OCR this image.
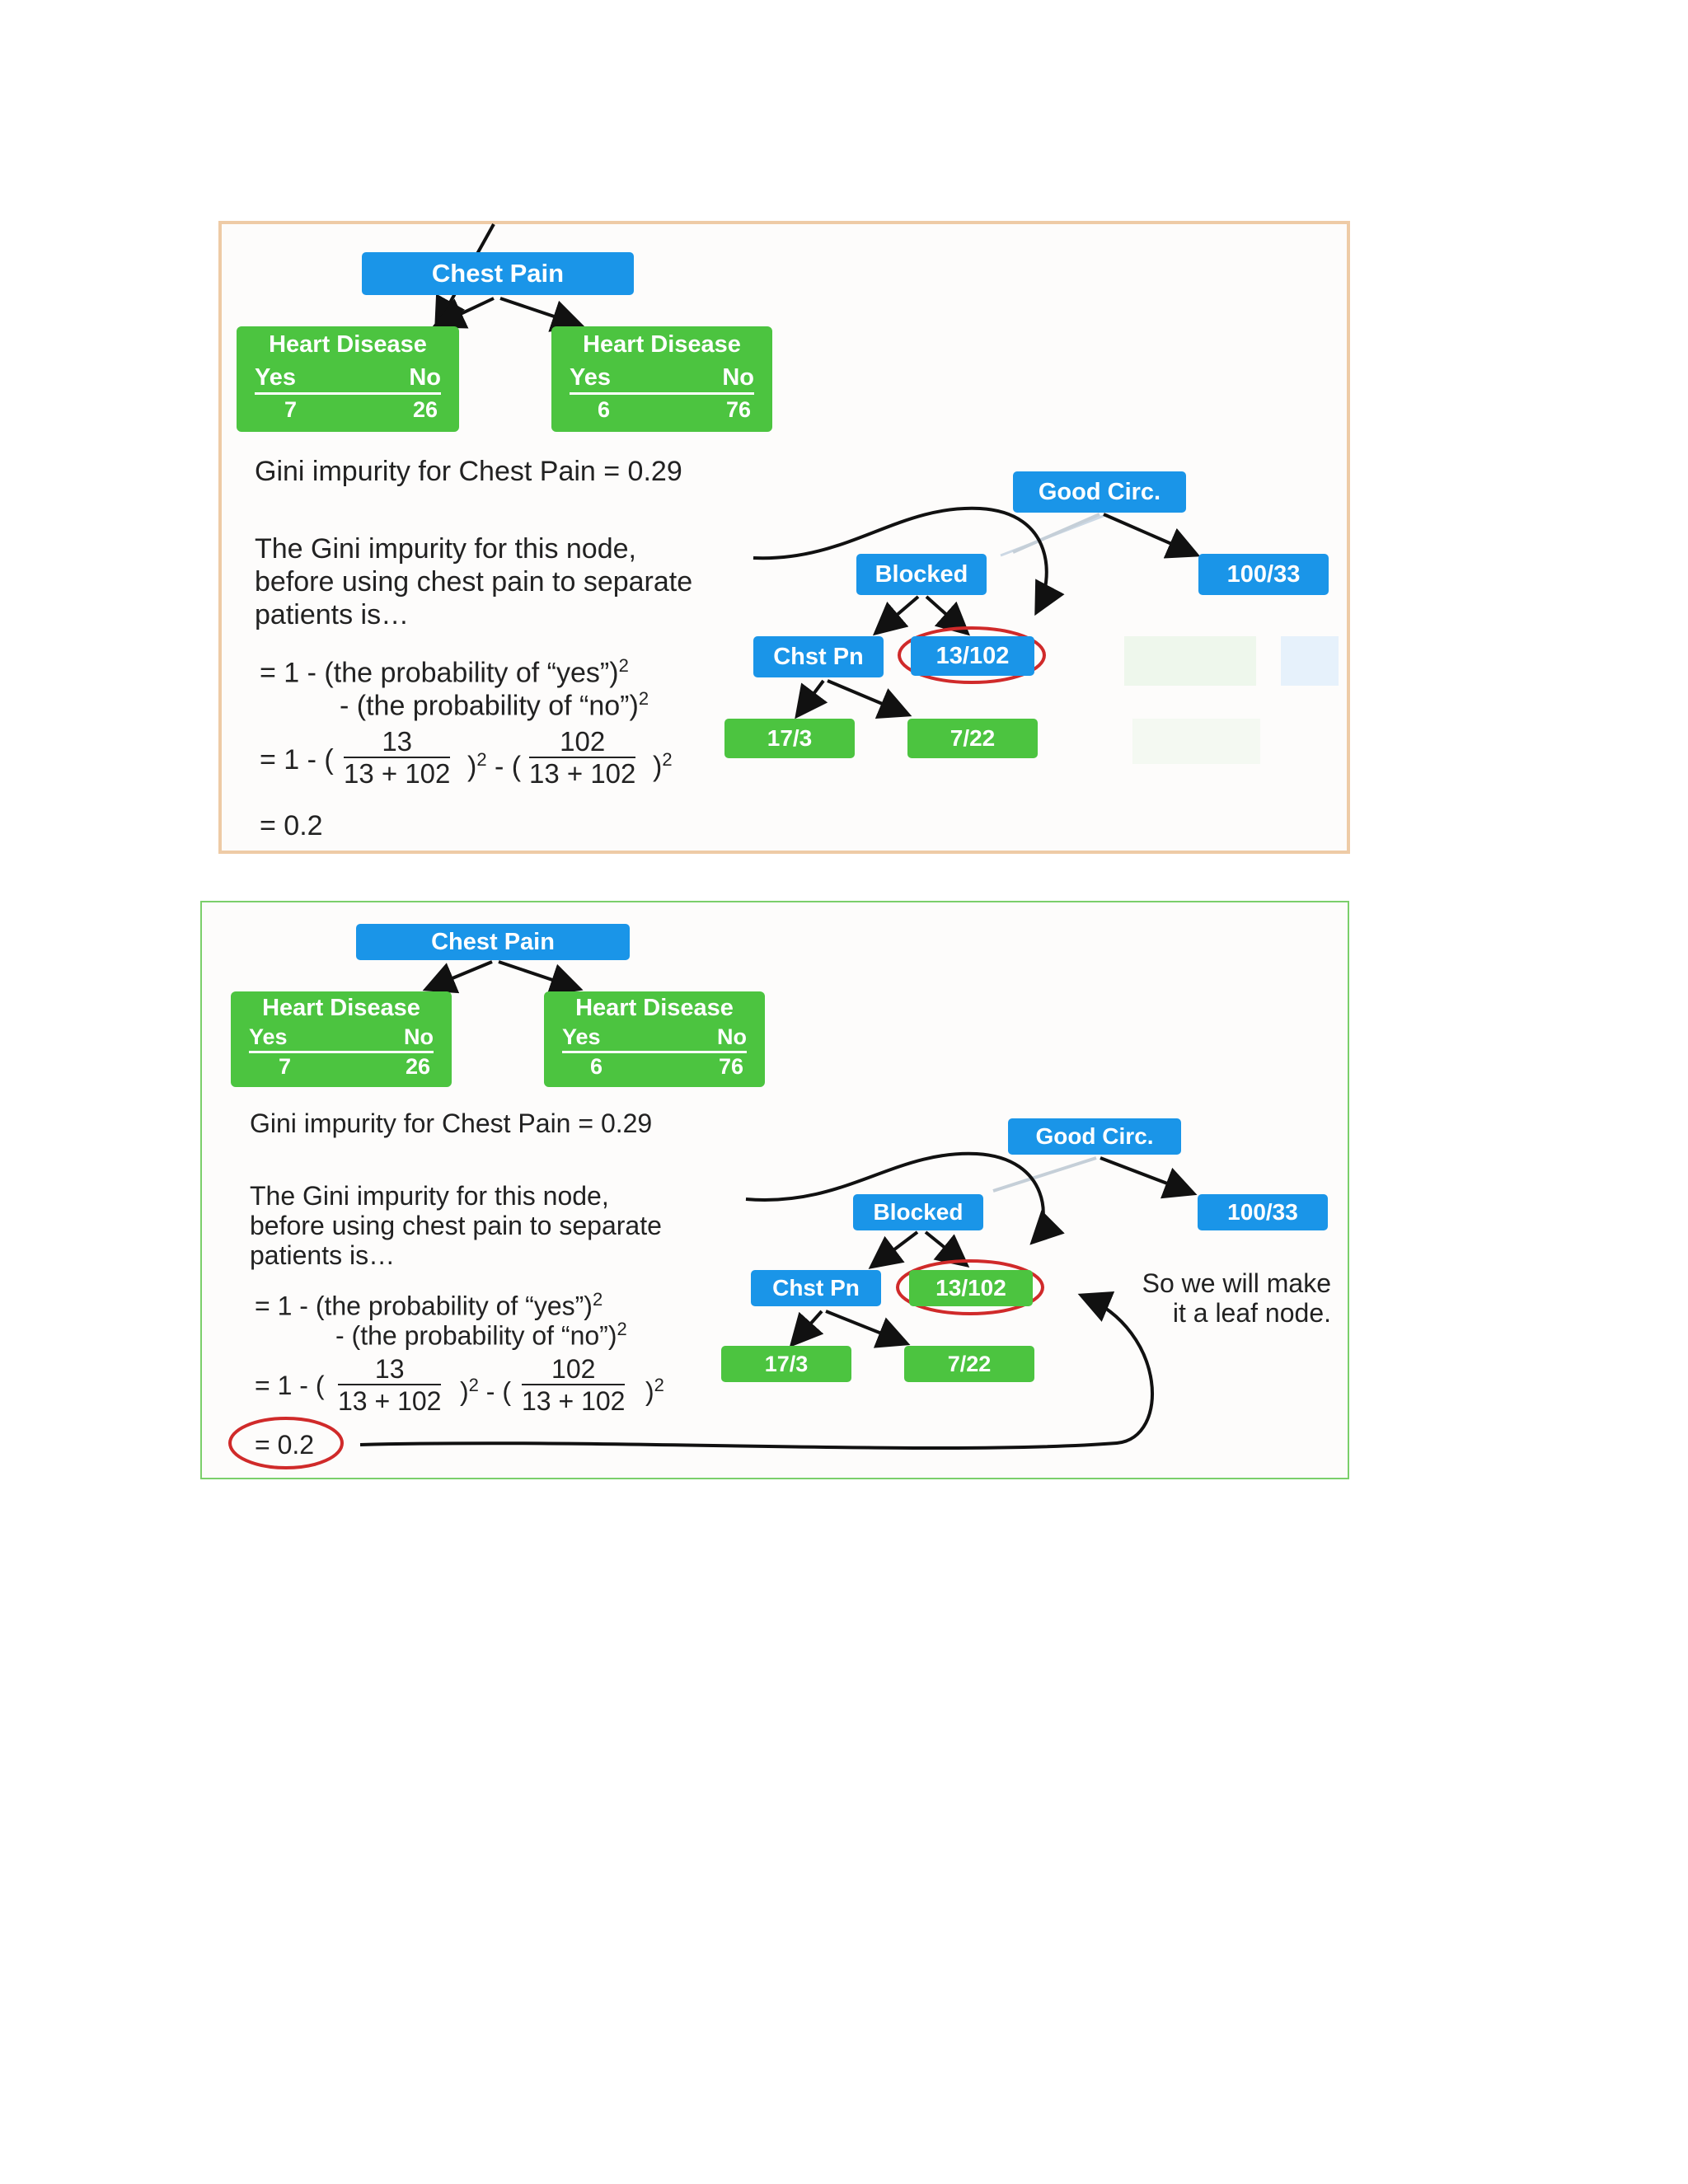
Chest Pain
Heart Disease
Yes	No
7	26
Heart Disease
Yes	No
6	76
Gini impurity for Chest Pain = 0.29
The Gini impurity for this node,
before using chest pain to separate
patients is…
= 1 - (the probability of “yes”)$^2$
- (the probability of “no”)$^2$
= 1 - ( $\frac{13}{13 + 102} )^2$ - ( $\frac{102}{13 + 102} )^2$
= 0.2
Good Circ.
Blocked	100/33
Chst Pn	13/102
17/3	7/22
Chest Pain
Heart Disease
Yes	No
7	26
Heart Disease
Yes	No
6	76
Gini impurity for Chest Pain = 0.29
The Gini impurity for this node,
before using chest pain to separate
patients is…
= 1 - (the probability of “yes”)$^2$
- (the probability of “no”)$^2$
= 1 - ( $\frac{13}{13 + 102} )^2$ - ( $\frac{102}{13 + 102} )^2$
= 0.2
Good Circ.
Blocked	100/33
Chst Pn	13/102
17/3	7/22
So we will make
it a leaf node.
